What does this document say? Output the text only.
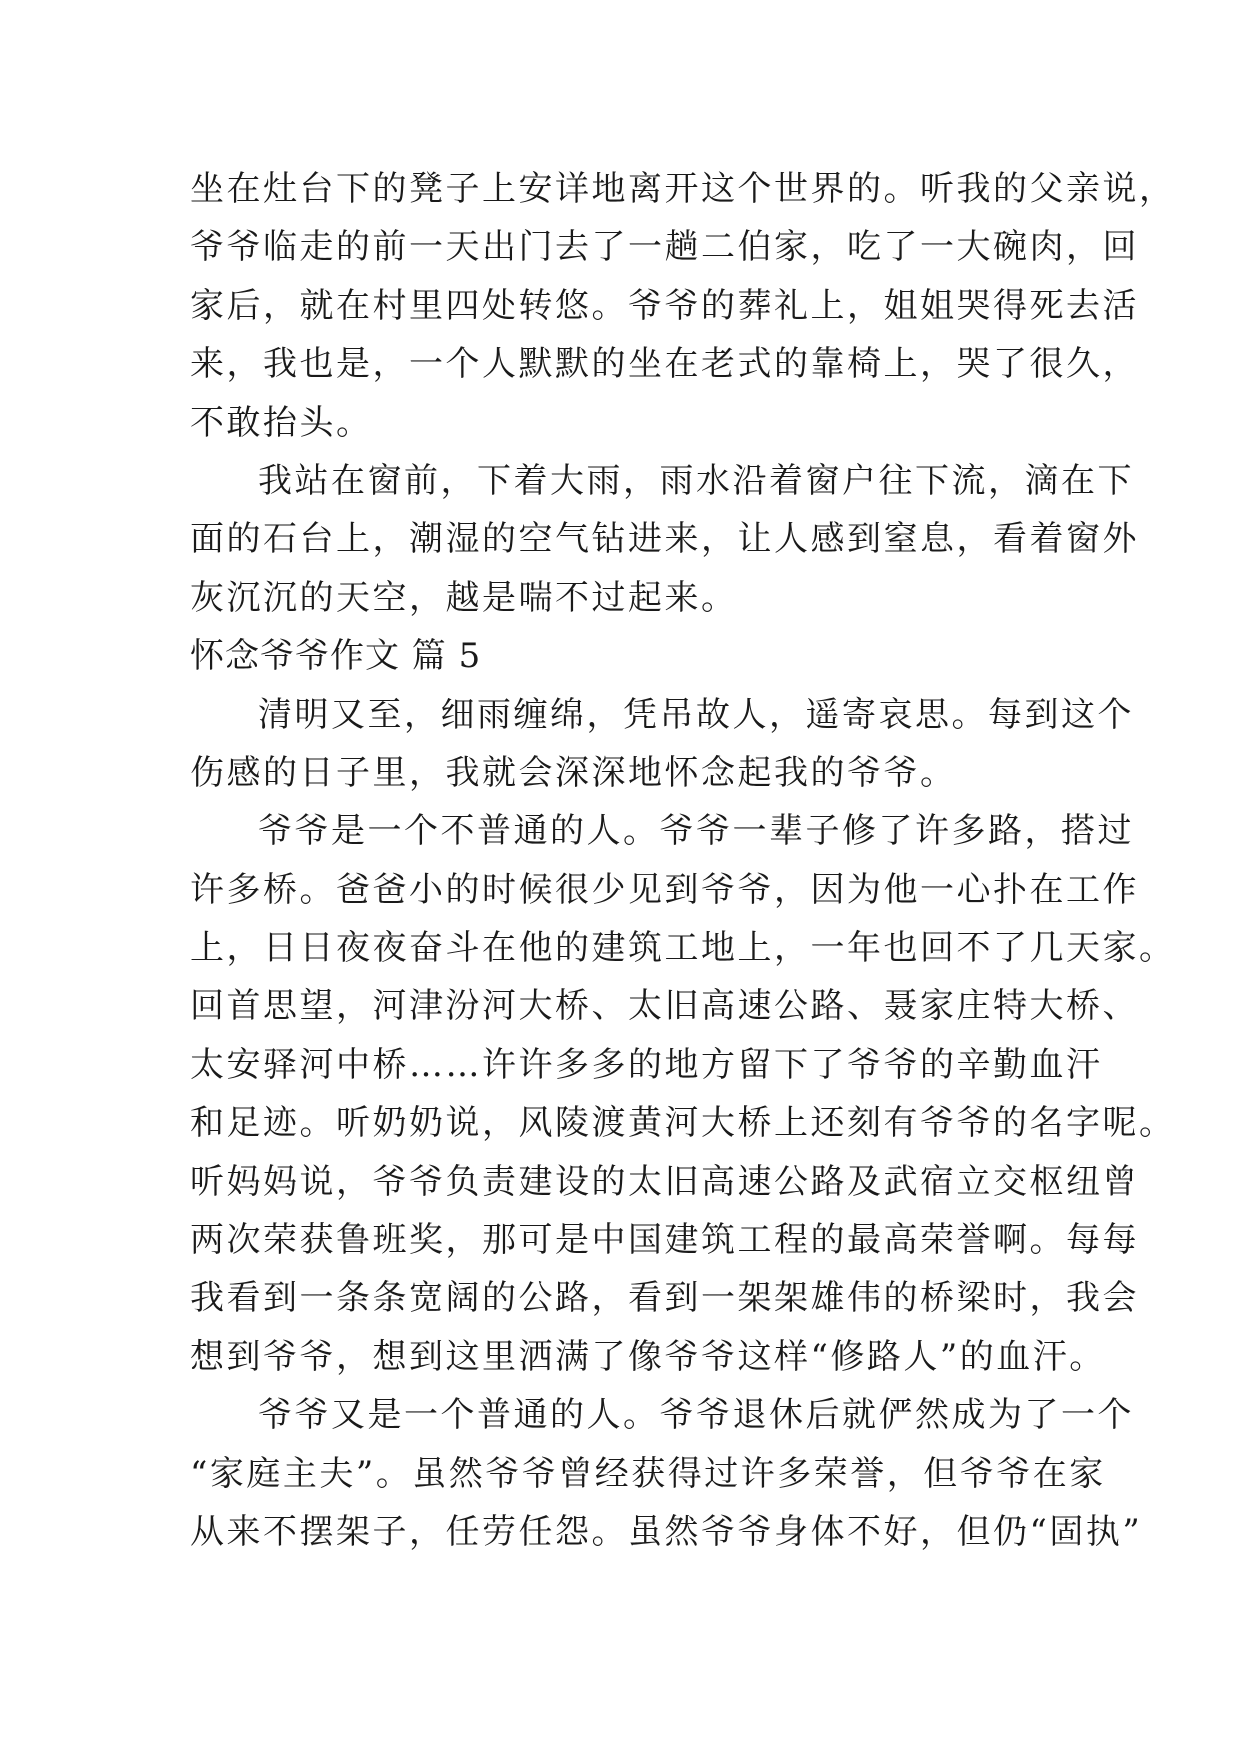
坐在灶台下的凳子上安详地离开这个世界的。听我的父亲说，
爷爷临走的前一天出门去了一趟二伯家，吃了一大碗肉，回
家后，就在村里四处转悠。爷爷的葬礼上，姐姐哭得死去活
来，我也是，一个人默默的坐在老式的靠椅上，哭了很久，
不敢抬头。
我站在窗前，下着大雨，雨水沿着窗户往下流，滴在下
面的石台上，潮湿的空气钻进来，让人感到窒息，看着窗外
灰沉沉的天空，越是喘不过起来。
怀念爷爷作文 篇 5
清明又至，细雨缠绵，凭吊故人，遥寄哀思。每到这个
伤感的日子里，我就会深深地怀念起我的爷爷。
爷爷是一个不普通的人。爷爷一辈子修了许多路，搭过
许多桥。爸爸小的时候很少见到爷爷，因为他一心扑在工作
上，日日夜夜奋斗在他的建筑工地上，一年也回不了几天家。
回首思望，河津汾河大桥、太旧高速公路、聂家庄特大桥、
太安驿河中桥……许许多多的地方留下了爷爷的辛勤血汗
和足迹。听奶奶说，风陵渡黄河大桥上还刻有爷爷的名字呢。
听妈妈说，爷爷负责建设的太旧高速公路及武宿立交枢纽曾
两次荣获鲁班奖，那可是中国建筑工程的最高荣誉啊。每每
我看到一条条宽阔的公路，看到一架架雄伟的桥梁时，我会
想到爷爷，想到这里洒满了像爷爷这样“修路人”的血汗。
爷爷又是一个普通的人。爷爷退休后就俨然成为了一个
“家庭主夫”。虽然爷爷曾经获得过许多荣誉，但爷爷在家
从来不摆架子，任劳任怨。虽然爷爷身体不好，但仍“固执”
